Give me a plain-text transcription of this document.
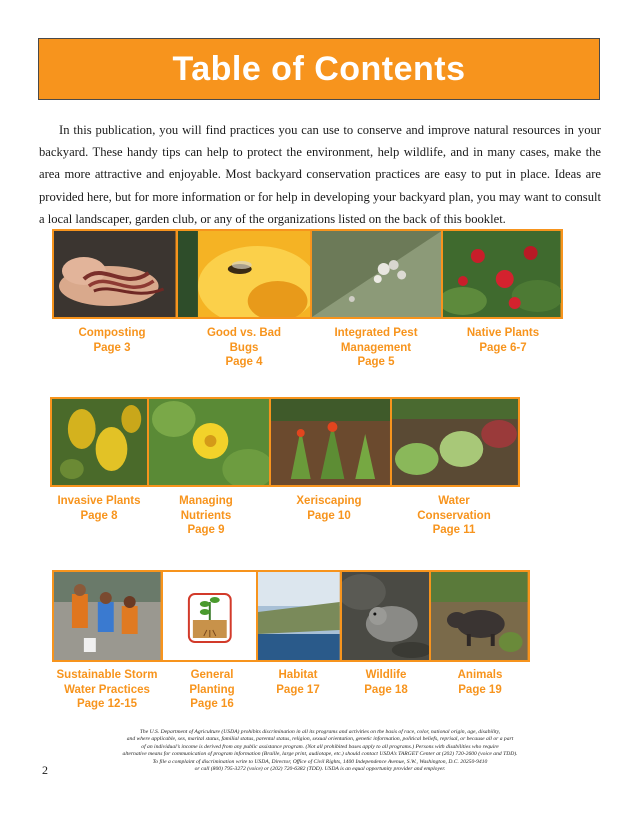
Table of Contents

In this publication, you will find practices you can use to conserve and improve natural resources in your backyard. These handy tips can help to protect the environment, help wildlife, and in many cases, make the area more attractive and enjoyable. Most backyard conservation practices are easy to put in place. Ideas are provided here, but for more information or for help in developing your backyard plan, you may want to consult a local landscaper, garden club, or any of the organizations listed on the back of this booklet.

Composting
Page 3
Good vs. Bad
Bugs
Page 4
Integrated Pest
Management
Page 5
Native Plants
Page 6-7
Invasive Plants
Page 8
Managing
Nutrients
Page 9
Xeriscaping
Page 10
Water
Conservation
Page 11
Sustainable Storm
Water Practices
Page 12-15
General
Planting
Page 16
Habitat
Page 17
Wildlife
Page 18
Animals
Page 19
The U.S. Department of Agriculture (USDA) prohibits discrimination in all its programs and activities on the basis of race, color, national origin, age, disability,
and where applicable, sex, marital status, familial status, parental status, religion, sexual orientation, genetic information, political beliefs, reprisal, or because all or a part
of an individual’s income is derived from any public assistance program. (Not all prohibited bases apply to all programs.) Persons with disabilities who require
alternative means for communication of program information (Braille, large print, audiotape, etc.) should contact USDA’s TARGET Center at (202) 720-2600 (voice and TDD).
To file a complaint of discrimination write to USDA, Director, Office of Civil Rights, 1400 Independence Avenue, S.W., Washington, D.C. 20250-9410
or call (800) 795-3272 (voice) or (202) 720-6382 (TDD). USDA is an equal opportunity provider and employer.
2
